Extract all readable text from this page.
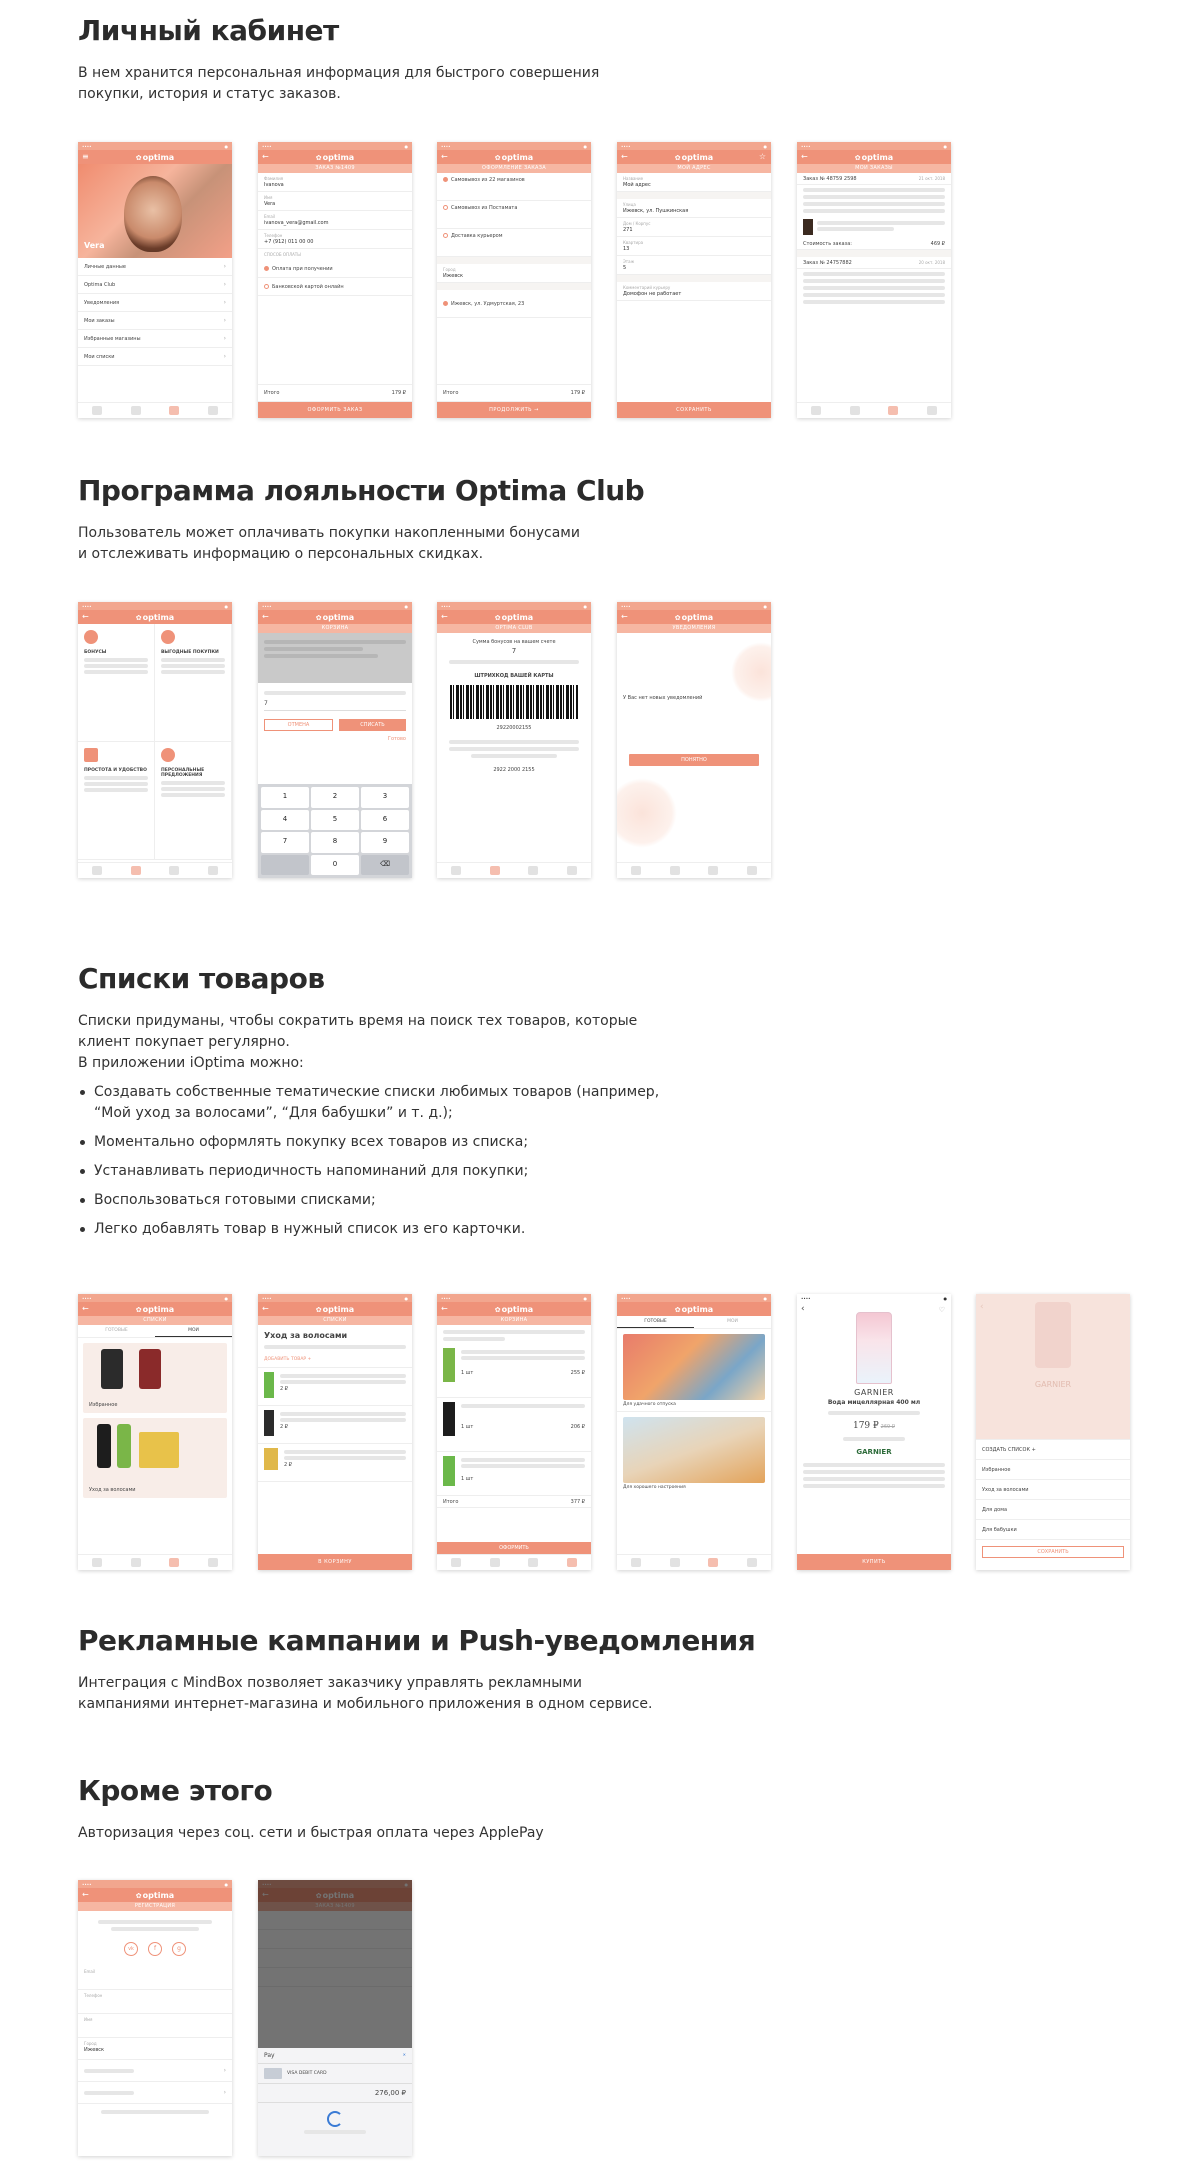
Личный кабинет
В нем хранится персональная информация для быстрого совершения
покупки, история и статус заказов.
••••	●
≡	✿ optima
Vera
Личные данные	›
Optima Club	›
Уведомления	›
Мои заказы	›
Избранные магазины	›
Мои списки	›
••••	●
←	✿ optima
ЗАКАЗ №1409
Фамилия
Ivanova
Имя
Vera
Email
ivanova_vera@gmail.com
Телефон
+7 (912) 011 00 00
СПОСОБ ОПЛАТЫ
Оплата при получении
Банковской картой онлайн
Итого	179 ₽
ОФОРМИТЬ ЗАКАЗ
••••	●
←	✿ optima
ОФОРМЛЕНИЕ ЗАКАЗА
Самовывоз из 22 магазинов
Самовывоз из Постамата
Доставка курьером
Город
Ижевск
Ижевск, ул. Удмуртская, 23
Итого	179 ₽
ПРОДОЛЖИТЬ →
••••	●
←	✿ optima	☆
МОЙ АДРЕС
Название
Мой адрес
Улица
Ижевск, ул. Пушкинская
Дом / Корпус
271
Квартира
13
Этаж
5
Комментарий курьеру
Домофон не работает
СОХРАНИТЬ
••••	●
←	✿ optima
МОИ ЗАКАЗЫ
Заказ № 48759 2598	21 окт. 2018
Стоимость заказа:	469 ₽
Заказ № 24757882	20 окт. 2018
Программа лояльности Optima Club
Пользователь может оплачивать покупки накопленными бонусами
и отслеживать информацию о персональных скидках.
••••	●
←	✿ optima
БОНУСЫ	ВЫГОДНЫЕ ПОКУПКИ
ПРОСТОТА И УДОБСТВО	ПЕРСОНАЛЬНЫЕ ПРЕДЛОЖЕНИЯ
••••	●
←	✿ optima
КОРЗИНА
7
ОТМЕНА	СПИСАТЬ
Готово
1	2	3
4	5	6
7	8	9
0	⌫
••••	●
←	✿ optima
OPTIMA CLUB
Сумма бонусов на вашем счете
7
ШТРИХКОД ВАШЕЙ КАРТЫ
29220002155
2922 2000 2155
••••	●
←	✿ optima
УВЕДОМЛЕНИЯ
У Вас нет новых уведомлений
ПОНЯТНО
Списки товаров
Списки придуманы, чтобы сократить время на поиск тех товаров, которые
клиент покупает регулярно.
В приложении iOptima можно:
Создавать собственные тематические списки любимых товаров (например,
“Мой уход за волосами”, “Для бабушки” и т. д.);
Моментально оформлять покупку всех товаров из списка;
Устанавливать периодичность напоминаний для покупки;
Воспользоваться готовыми списками;
Легко добавлять товар в нужный список из его карточки.
••••	●
←	✿ optima
СПИСКИ
ГОТОВЫЕ	МОИ
Избранное
Уход за волосами
••••	●
←	✿ optima
СПИСКИ
Уход за волосами
ДОБАВИТЬ ТОВАР +
2 ₽
2 ₽
2 ₽
В КОРЗИНУ
••••	●
←	✿ optima
КОРЗИНА
1 шт	255 ₽
1 шт	206 ₽
1 шт
Итого	377 ₽
ОФОРМИТЬ
••••	●
✿ optima
ГОТОВЫЕ	МОИ
Для удачного отпуска
Для хорошего настроения
••••	●
‹	♡
GARNIER
Вода мицеллярная 400 мл
179 ₽ 269 ₽
GARNIER
КУПИТЬ
‹
GARNIER
СОЗДАТЬ СПИСОК +
Избранное
Уход за волосами
Для дома
Для бабушки
СОХРАНИТЬ
Рекламные кампании и Push-уведомления
Интеграция с MindBox позволяет заказчику управлять рекламными
кампаниями интернет-магазина и мобильного приложения в одном сервисе.
Кроме этого
Авторизация через соц. сети и быстрая оплата через ApplePay
••••	●
←	✿ optima
РЕГИСТРАЦИЯ
vk	f	g
Email
Телефон
Имя
Город
Ижевск
›
›
✿
Pay	✕
VISA DEBIT CARD
276,00 ₽
